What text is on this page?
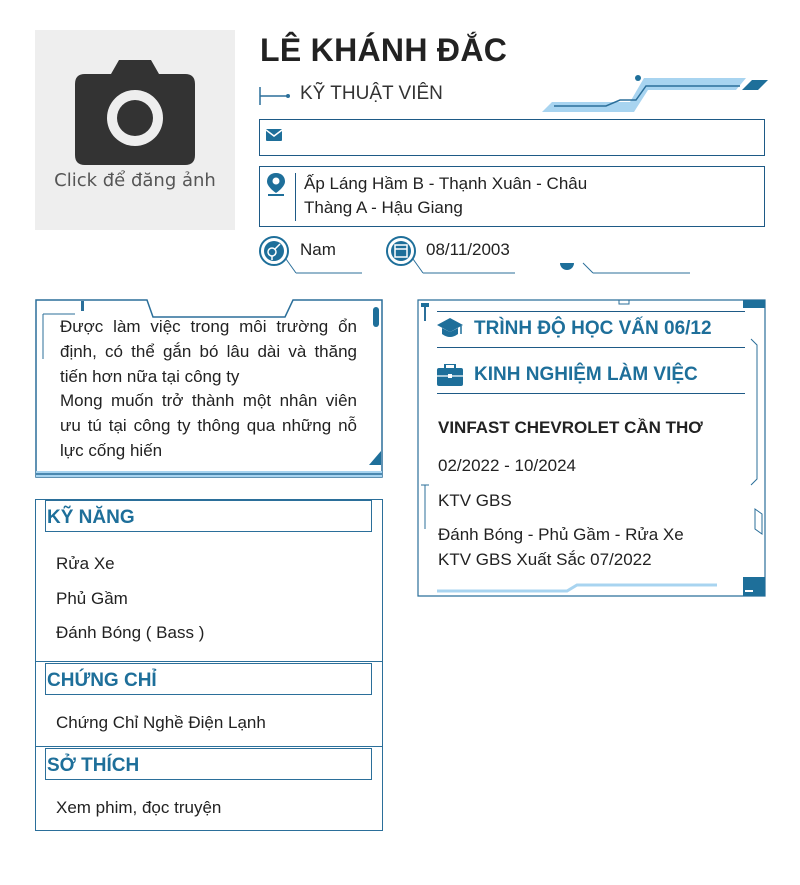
Click để đăng ảnh
LÊ KHÁNH ĐẮC
KỸ THUẬT VIÊN
Ấp Láng Hầm B - Thạnh Xuân - Châu
Thàng A - Hậu Giang
Nam	08/11/2003
Được làm việc trong môi trường ổn
định, có thể gắn bó lâu dài và thăng
tiến hơn nữa tại công ty
Mong muốn trở thành một nhân viên
ưu tú tại công ty thông qua những nỗ
lực cống hiến
KỸ NĂNG
Rửa Xe
Phủ Gầm
Đánh Bóng ( Bass )
CHỨNG CHỈ
Chứng Chỉ Nghề Điện Lạnh
SỞ THÍCH
Xem phim, đọc truyện
TRÌNH ĐỘ HỌC VẤN 06/12
KINH NGHIỆM LÀM VIỆC
VINFAST CHEVROLET CẦN THƠ
02/2022 - 10/2024
KTV GBS
Đánh Bóng - Phủ Gầm - Rửa Xe
KTV GBS Xuất Sắc 07/2022
